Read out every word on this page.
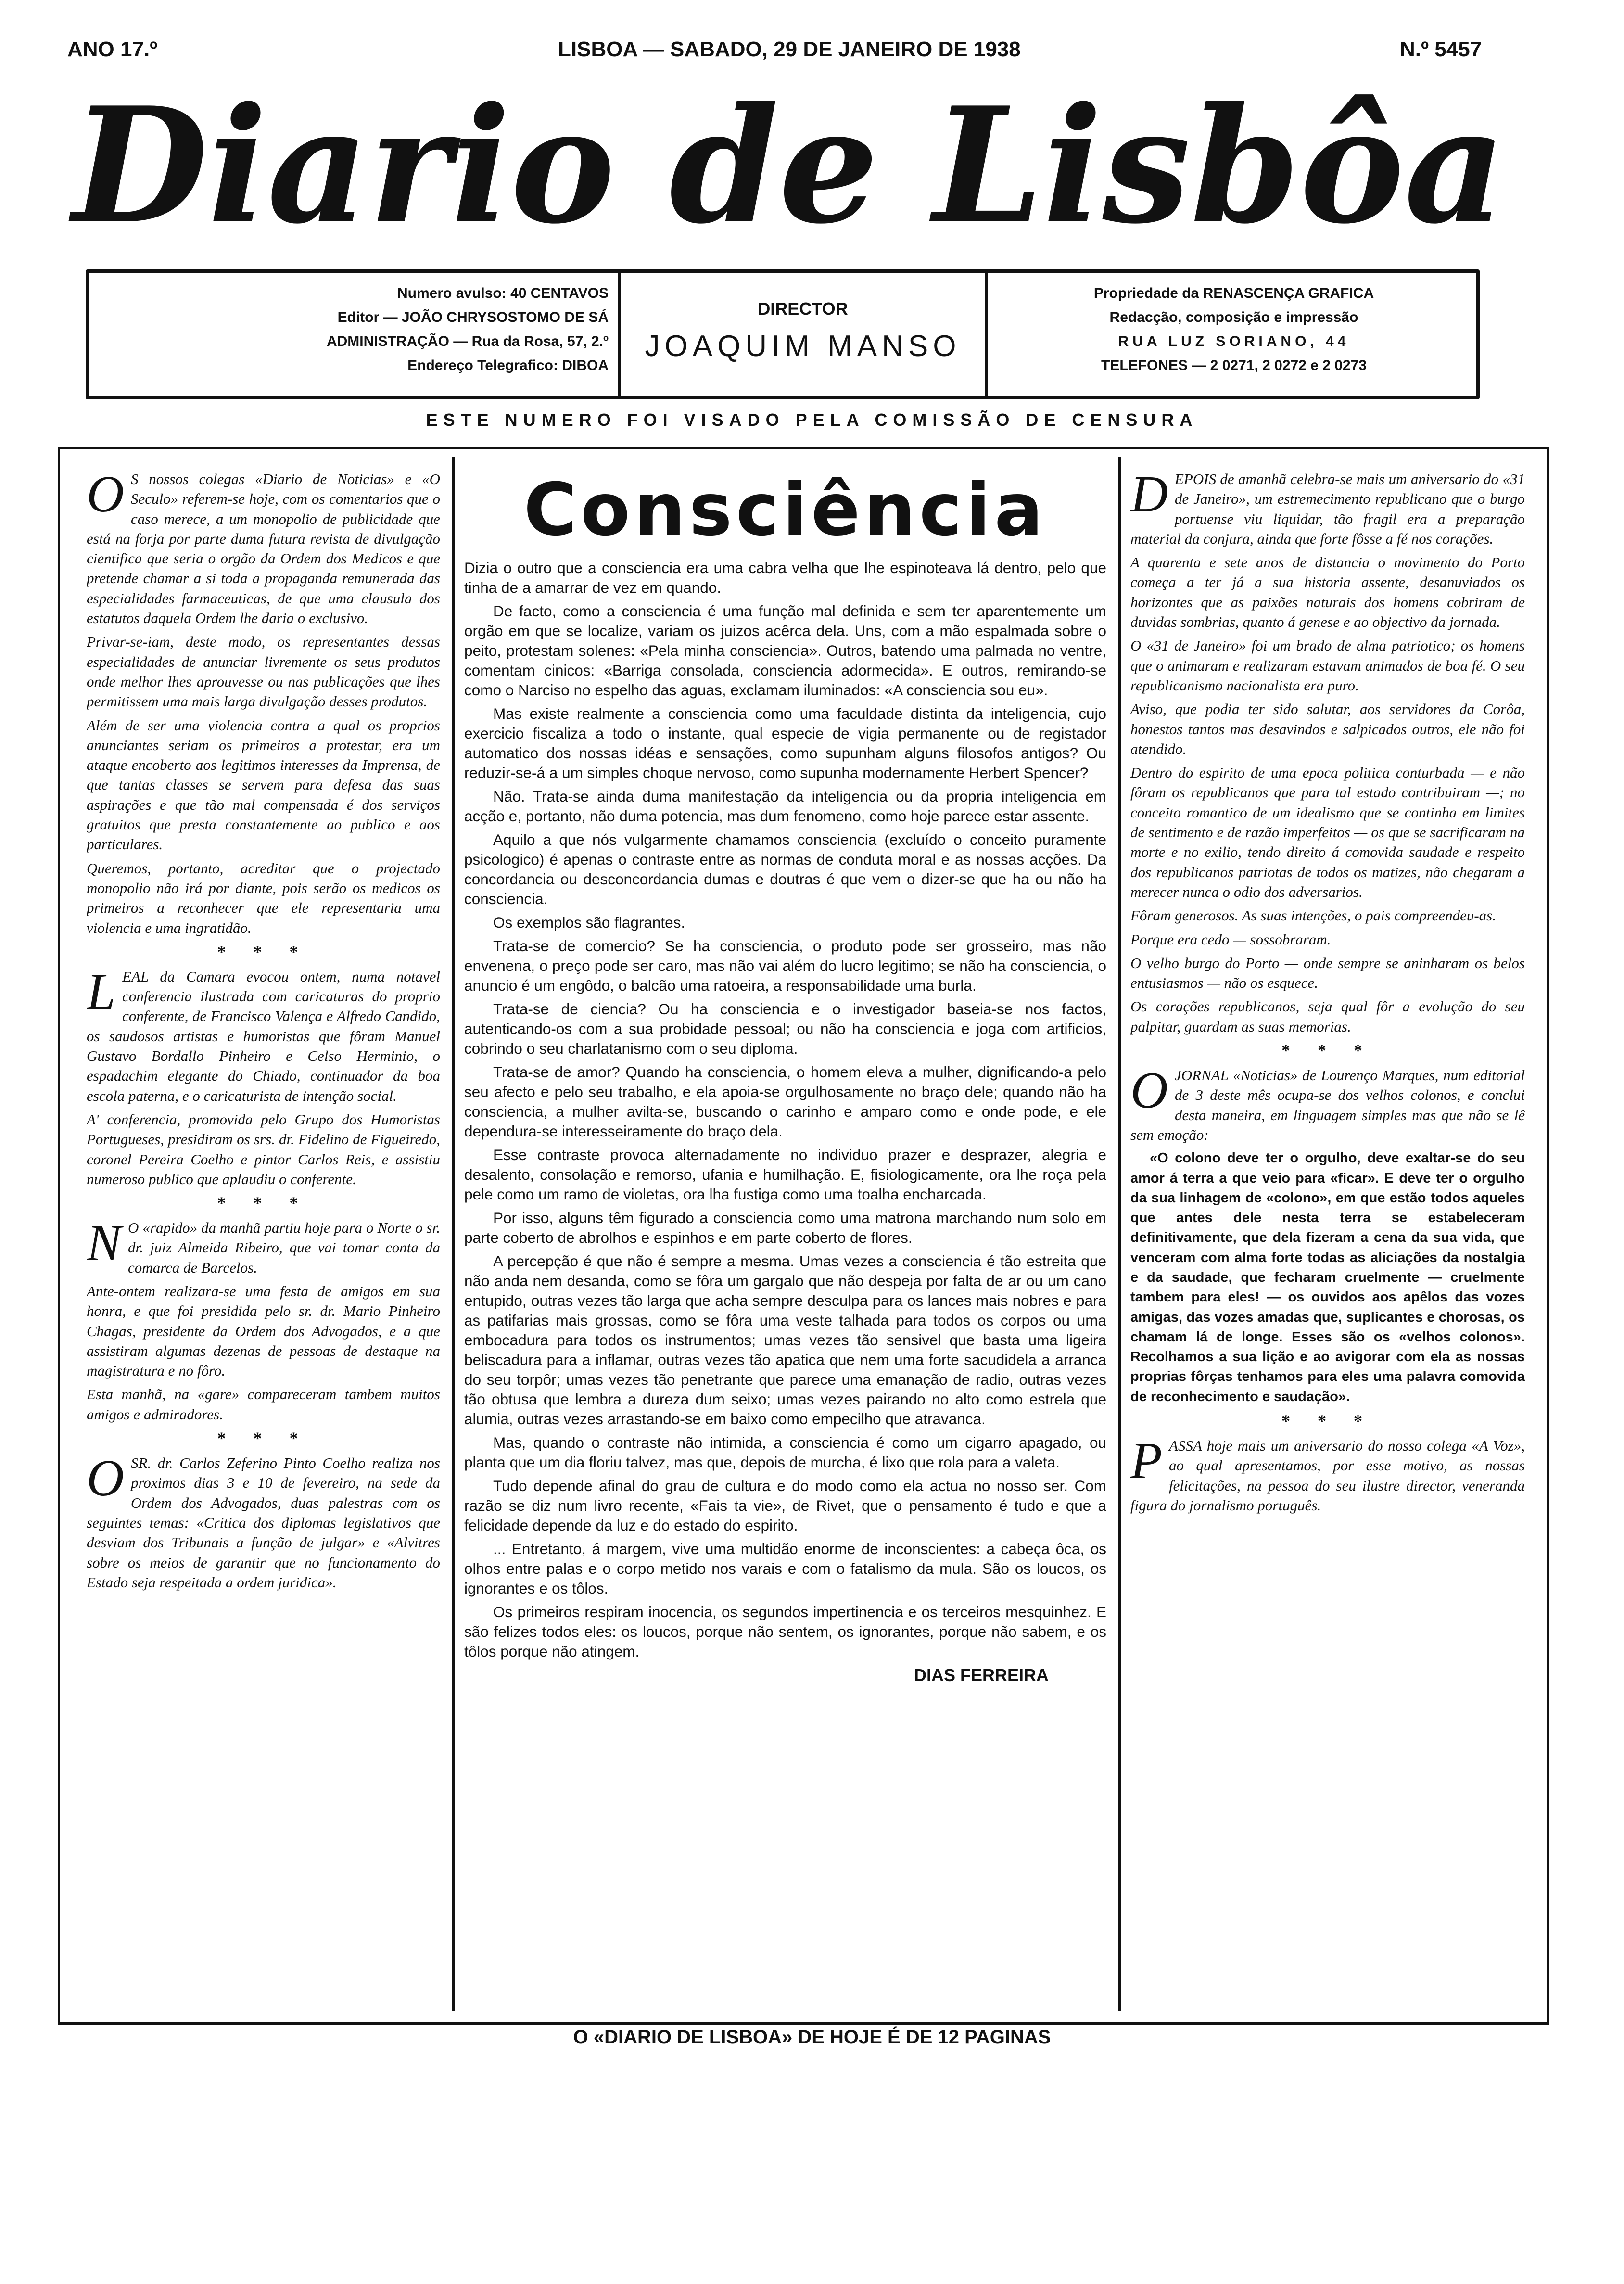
ANO 17.º	LISBOA — SABADO, 29 DE JANEIRO DE 1938	N.º 5457
Diario de Lisbôa

Numero avulso: 40 CENTAVOS

Editor — JOÃO CHRYSOSTOMO DE SÁ

ADMINISTRAÇÃO — Rua da Rosa, 57, 2.º

Endereço Telegrafico: DIBOA

DIRECTOR

JOAQUIM MANSO

Propriedade da RENASCENÇA GRAFICA

Redacção, composição e impressão

RUA LUZ SORIANO, 44

TELEFONES — 2 0271, 2 0272 e 2 0273

ESTE NUMERO FOI VISADO PELA COMISSÃO DE CENSURA
O S nossos colegas «Diario de Noticias» e «O Seculo» referem-se hoje, com os comentarios que o caso merece, a um monopolio de publicidade que está na forja por parte duma futura revista de divulgação cientifica que seria o orgão da Ordem dos Medicos e que pretende chamar a si toda a propaganda remunerada das especialidades farmaceuticas, de que uma clausula dos estatutos daquela Ordem lhe daria o exclusivo.

Privar-se-iam, deste modo, os representantes dessas especialidades de anunciar livremente os seus produtos onde melhor lhes aprouvesse ou nas publicações que lhes permitissem uma mais larga divulgação desses produtos.

Além de ser uma violencia contra a qual os proprios anunciantes seriam os primeiros a protestar, era um ataque encoberto aos legitimos interesses da Imprensa, de que tantas classes se servem para defesa das suas aspirações e que tão mal compensada é dos serviços gratuitos que presta constantemente ao publico e aos particulares.

Queremos, portanto, acreditar que o projectado monopolio não irá por diante, pois serão os medicos os primeiros a reconhecer que ele representaria uma violencia e uma ingratidão.

* * *
L EAL da Camara evocou ontem, numa notavel conferencia ilustrada com caricaturas do proprio conferente, de Francisco Valença e Alfredo Candido, os saudosos artistas e humoristas que fôram Manuel Gustavo Bordallo Pinheiro e Celso Herminio, o espadachim elegante do Chiado, continuador da boa escola paterna, e o caricaturista de intenção social.

A' conferencia, promovida pelo Grupo dos Humoristas Portugueses, presidiram os srs. dr. Fidelino de Figueiredo, coronel Pereira Coelho e pintor Carlos Reis, e assistiu numeroso publico que aplaudiu o conferente.

* * *
N O «rapido» da manhã partiu hoje para o Norte o sr. dr. juiz Almeida Ribeiro, que vai tomar conta da comarca de Barcelos.

Ante-ontem realizara-se uma festa de amigos em sua honra, e que foi presidida pelo sr. dr. Mario Pinheiro Chagas, presidente da Ordem dos Advogados, e a que assistiram algumas dezenas de pessoas de destaque na magistratura e no fôro.

Esta manhã, na «gare» compareceram tambem muitos amigos e admiradores.

* * *
O SR. dr. Carlos Zeferino Pinto Coelho realiza nos proximos dias 3 e 10 de fevereiro, na sede da Ordem dos Advogados, duas palestras com os seguintes temas: «Critica dos diplomas legislativos que desviam dos Tribunais a função de julgar» e «Alvitres sobre os meios de garantir que no funcionamento do Estado seja respeitada a ordem juridica».

Consciência

Dizia o outro que a consciencia era uma cabra velha que lhe espinoteava lá dentro, pelo que tinha de a amarrar de vez em quando.

De facto, como a consciencia é uma função mal definida e sem ter aparentemente um orgão em que se localize, variam os juizos acêrca dela. Uns, com a mão espalmada sobre o peito, protestam solenes: «Pela minha consciencia». Outros, batendo uma palmada no ventre, comentam cinicos: «Barriga consolada, consciencia adormecida». E outros, remirando-se como o Narciso no espelho das aguas, exclamam iluminados: «A consciencia sou eu».

Mas existe realmente a consciencia como uma faculdade distinta da inteligencia, cujo exercicio fiscaliza a todo o instante, qual especie de vigia permanente ou de registador automatico dos nossas idéas e sensações, como supunham alguns filosofos antigos? Ou reduzir-se-á a um simples choque nervoso, como supunha modernamente Herbert Spencer?

Não. Trata-se ainda duma manifestação da inteligencia ou da propria inteligencia em acção e, portanto, não duma potencia, mas dum fenomeno, como hoje parece estar assente.

Aquilo a que nós vulgarmente chamamos consciencia (excluído o conceito puramente psicologico) é apenas o contraste entre as normas de conduta moral e as nossas acções. Da concordancia ou desconcordancia dumas e doutras é que vem o dizer-se que ha ou não ha consciencia.

Os exemplos são flagrantes.

Trata-se de comercio? Se ha consciencia, o produto pode ser grosseiro, mas não envenena, o preço pode ser caro, mas não vai além do lucro legitimo; se não ha consciencia, o anuncio é um engôdo, o balcão uma ratoeira, a responsabilidade uma burla.

Trata-se de ciencia? Ou ha consciencia e o investigador baseia-se nos factos, autenticando-os com a sua probidade pessoal; ou não ha consciencia e joga com artificios, cobrindo o seu charlatanismo com o seu diploma.

Trata-se de amor? Quando ha consciencia, o homem eleva a mulher, dignificando-a pelo seu afecto e pelo seu trabalho, e ela apoia-se orgulhosamente no braço dele; quando não ha consciencia, a mulher avilta-se, buscando o carinho e amparo como e onde pode, e ele dependura-se interesseiramente do braço dela.

Esse contraste provoca alternadamente no individuo prazer e desprazer, alegria e desalento, consolação e remorso, ufania e humilhação. E, fisiologicamente, ora lhe roça pela pele como um ramo de violetas, ora lha fustiga como uma toalha encharcada.

Por isso, alguns têm figurado a consciencia como uma matrona marchando num solo em parte coberto de abrolhos e espinhos e em parte coberto de flores.

A percepção é que não é sempre a mesma. Umas vezes a consciencia é tão estreita que não anda nem desanda, como se fôra um gargalo que não despeja por falta de ar ou um cano entupido, outras vezes tão larga que acha sempre desculpa para os lances mais nobres e para as patifarias mais grossas, como se fôra uma veste talhada para todos os corpos ou uma embocadura para todos os instrumentos; umas vezes tão sensivel que basta uma ligeira beliscadura para a inflamar, outras vezes tão apatica que nem uma forte sacudidela a arranca do seu torpôr; umas vezes tão penetrante que parece uma emanação de radio, outras vezes tão obtusa que lembra a dureza dum seixo; umas vezes pairando no alto como estrela que alumia, outras vezes arrastando-se em baixo como empecilho que atravanca.

Mas, quando o contraste não intimida, a consciencia é como um cigarro apagado, ou planta que um dia floriu talvez, mas que, depois de murcha, é lixo que rola para a valeta.

Tudo depende afinal do grau de cultura e do modo como ela actua no nosso ser. Com razão se diz num livro recente, «Fais ta vie», de Rivet, que o pensamento é tudo e que a felicidade depende da luz e do estado do espirito.

... Entretanto, á margem, vive uma multidão enorme de inconscientes: a cabeça ôca, os olhos entre palas e o corpo metido nos varais e com o fatalismo da mula. São os loucos, os ignorantes e os tôlos.

Os primeiros respiram inocencia, os segundos impertinencia e os terceiros mesquinhez. E são felizes todos eles: os loucos, porque não sentem, os ignorantes, porque não sabem, e os tôlos porque não atingem.

DIAS FERREIRA
D EPOIS de amanhã celebra-se mais um aniversario do «31 de Janeiro», um estremecimento republicano que o burgo portuense viu liquidar, tão fragil era a preparação material da conjura, ainda que forte fôsse a fé nos corações.

A quarenta e sete anos de distancia o movimento do Porto começa a ter já a sua historia assente, desanuviados os horizontes que as paixões naturais dos homens cobriram de duvidas sombrias, quanto á genese e ao objectivo da jornada.

O «31 de Janeiro» foi um brado de alma patriotico; os homens que o animaram e realizaram estavam animados de boa fé. O seu republicanismo nacionalista era puro.

Aviso, que podia ter sido salutar, aos servidores da Corôa, honestos tantos mas desavindos e salpicados outros, ele não foi atendido.

Dentro do espirito de uma epoca politica conturbada — e não fôram os republicanos que para tal estado contribuiram —; no conceito romantico de um idealismo que se continha em limites de sentimento e de razão imperfeitos — os que se sacrificaram na morte e no exilio, tendo direito á comovida saudade e respeito dos republicanos patriotas de todos os matizes, não chegaram a merecer nunca o odio dos adversarios.

Fôram generosos. As suas intenções, o pais compreendeu-as.

Porque era cedo — sossobraram.

O velho burgo do Porto — onde sempre se aninharam os belos entusiasmos — não os esquece.

Os corações republicanos, seja qual fôr a evolução do seu palpitar, guardam as suas memorias.

* * *
O JORNAL «Noticias» de Lourenço Marques, num editorial de 3 deste mês ocupa-se dos velhos colonos, e conclui desta maneira, em linguagem simples mas que não se lê sem emoção:

«O colono deve ter o orgulho, deve exaltar-se do seu amor á terra a que veio para «ficar». E deve ter o orgulho da sua linhagem de «colono», em que estão todos aqueles que antes dele nesta terra se estabeleceram definitivamente, que dela fizeram a cena da sua vida, que venceram com alma forte todas as aliciações da nostalgia e da saudade, que fecharam cruelmente — cruelmente tambem para eles! — os ouvidos aos apêlos das vozes amigas, das vozes amadas que, suplicantes e chorosas, os chamam lá de longe. Esses são os «velhos colonos». Recolhamos a sua lição e ao avigorar com ela as nossas proprias fôrças tenhamos para eles uma palavra comovida de reconhecimento e saudação».

* * *
P ASSA hoje mais um aniversario do nosso colega «A Voz», ao qual apresentamos, por esse motivo, as nossas felicitações, na pessoa do seu ilustre director, veneranda figura do jornalismo português.

O «DIARIO DE LISBOA» DE HOJE É DE 12 PAGINAS
